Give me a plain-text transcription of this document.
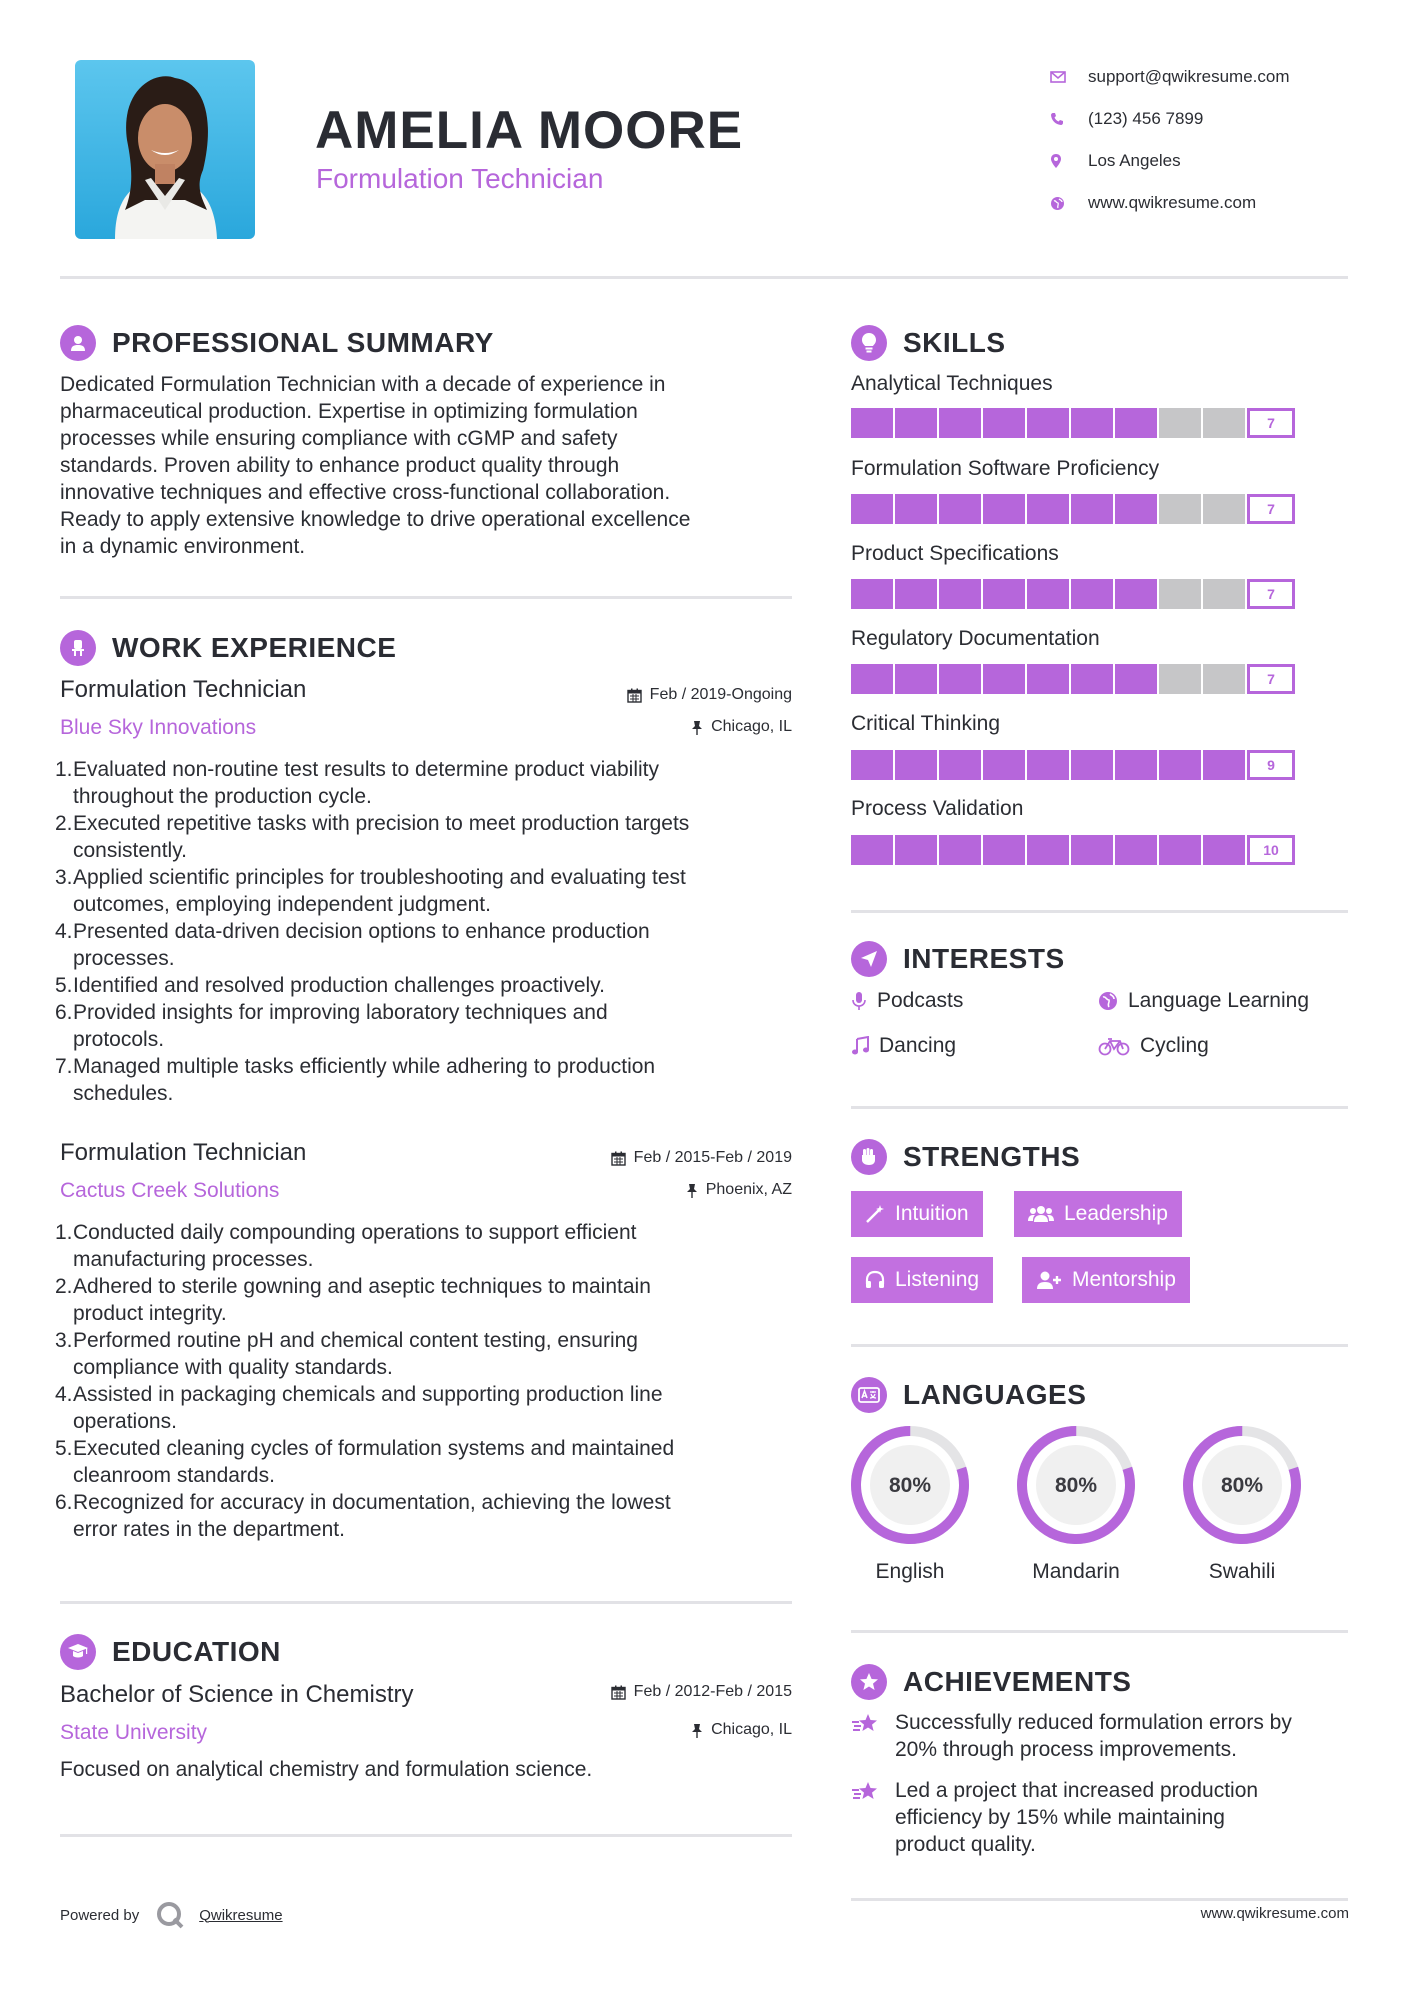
AMELIA MOORE
Formulation Technician
support@qwikresume.com
(123) 456 7899
Los Angeles
www.qwikresume.com
PROFESSIONAL SUMMARY
Dedicated Formulation Technician with a decade of experience in
pharmaceutical production. Expertise in optimizing formulation
processes while ensuring compliance with cGMP and safety
standards. Proven ability to enhance product quality through
innovative techniques and effective cross-functional collaboration.
Ready to apply extensive knowledge to drive operational excellence
in a dynamic environment.
WORK EXPERIENCE
Formulation Technician
Blue Sky Innovations
Feb / 2019-Ongoing
Chicago, IL
1. Evaluated non-routine test results to determine product viability
throughout the production cycle.
2. Executed repetitive tasks with precision to meet production targets
consistently.
3. Applied scientific principles for troubleshooting and evaluating test
outcomes, employing independent judgment.
4. Presented data-driven decision options to enhance production
processes.
5. Identified and resolved production challenges proactively.
6. Provided insights for improving laboratory techniques and
protocols.
7. Managed multiple tasks efficiently while adhering to production
schedules.
Formulation Technician
Cactus Creek Solutions
Feb / 2015-Feb / 2019
Phoenix, AZ
1. Conducted daily compounding operations to support efficient
manufacturing processes.
2. Adhered to sterile gowning and aseptic techniques to maintain
product integrity.
3. Performed routine pH and chemical content testing, ensuring
compliance with quality standards.
4. Assisted in packaging chemicals and supporting production line
operations.
5. Executed cleaning cycles of formulation systems and maintained
cleanroom standards.
6. Recognized for accuracy in documentation, achieving the lowest
error rates in the department.
EDUCATION
Bachelor of Science in Chemistry
State University
Feb / 2012-Feb / 2015
Chicago, IL
Focused on analytical chemistry and formulation science.
SKILLS
Analytical Techniques
7
Formulation Software Proficiency
7
Product Specifications
7
Regulatory Documentation
7
Critical Thinking
9
Process Validation
10
INTERESTS
Podcasts	Language Learning
Dancing	Cycling
STRENGTHS
Intuition	Leadership
Listening	Mentorship
LANGUAGES
80%	80%	80%
English	Mandarin	Swahili
ACHIEVEMENTS
Successfully reduced formulation errors by
20% through process improvements.
Led a project that increased production
efficiency by 15% while maintaining
product quality.
Powered by	Qwikresume	www.qwikresume.com
